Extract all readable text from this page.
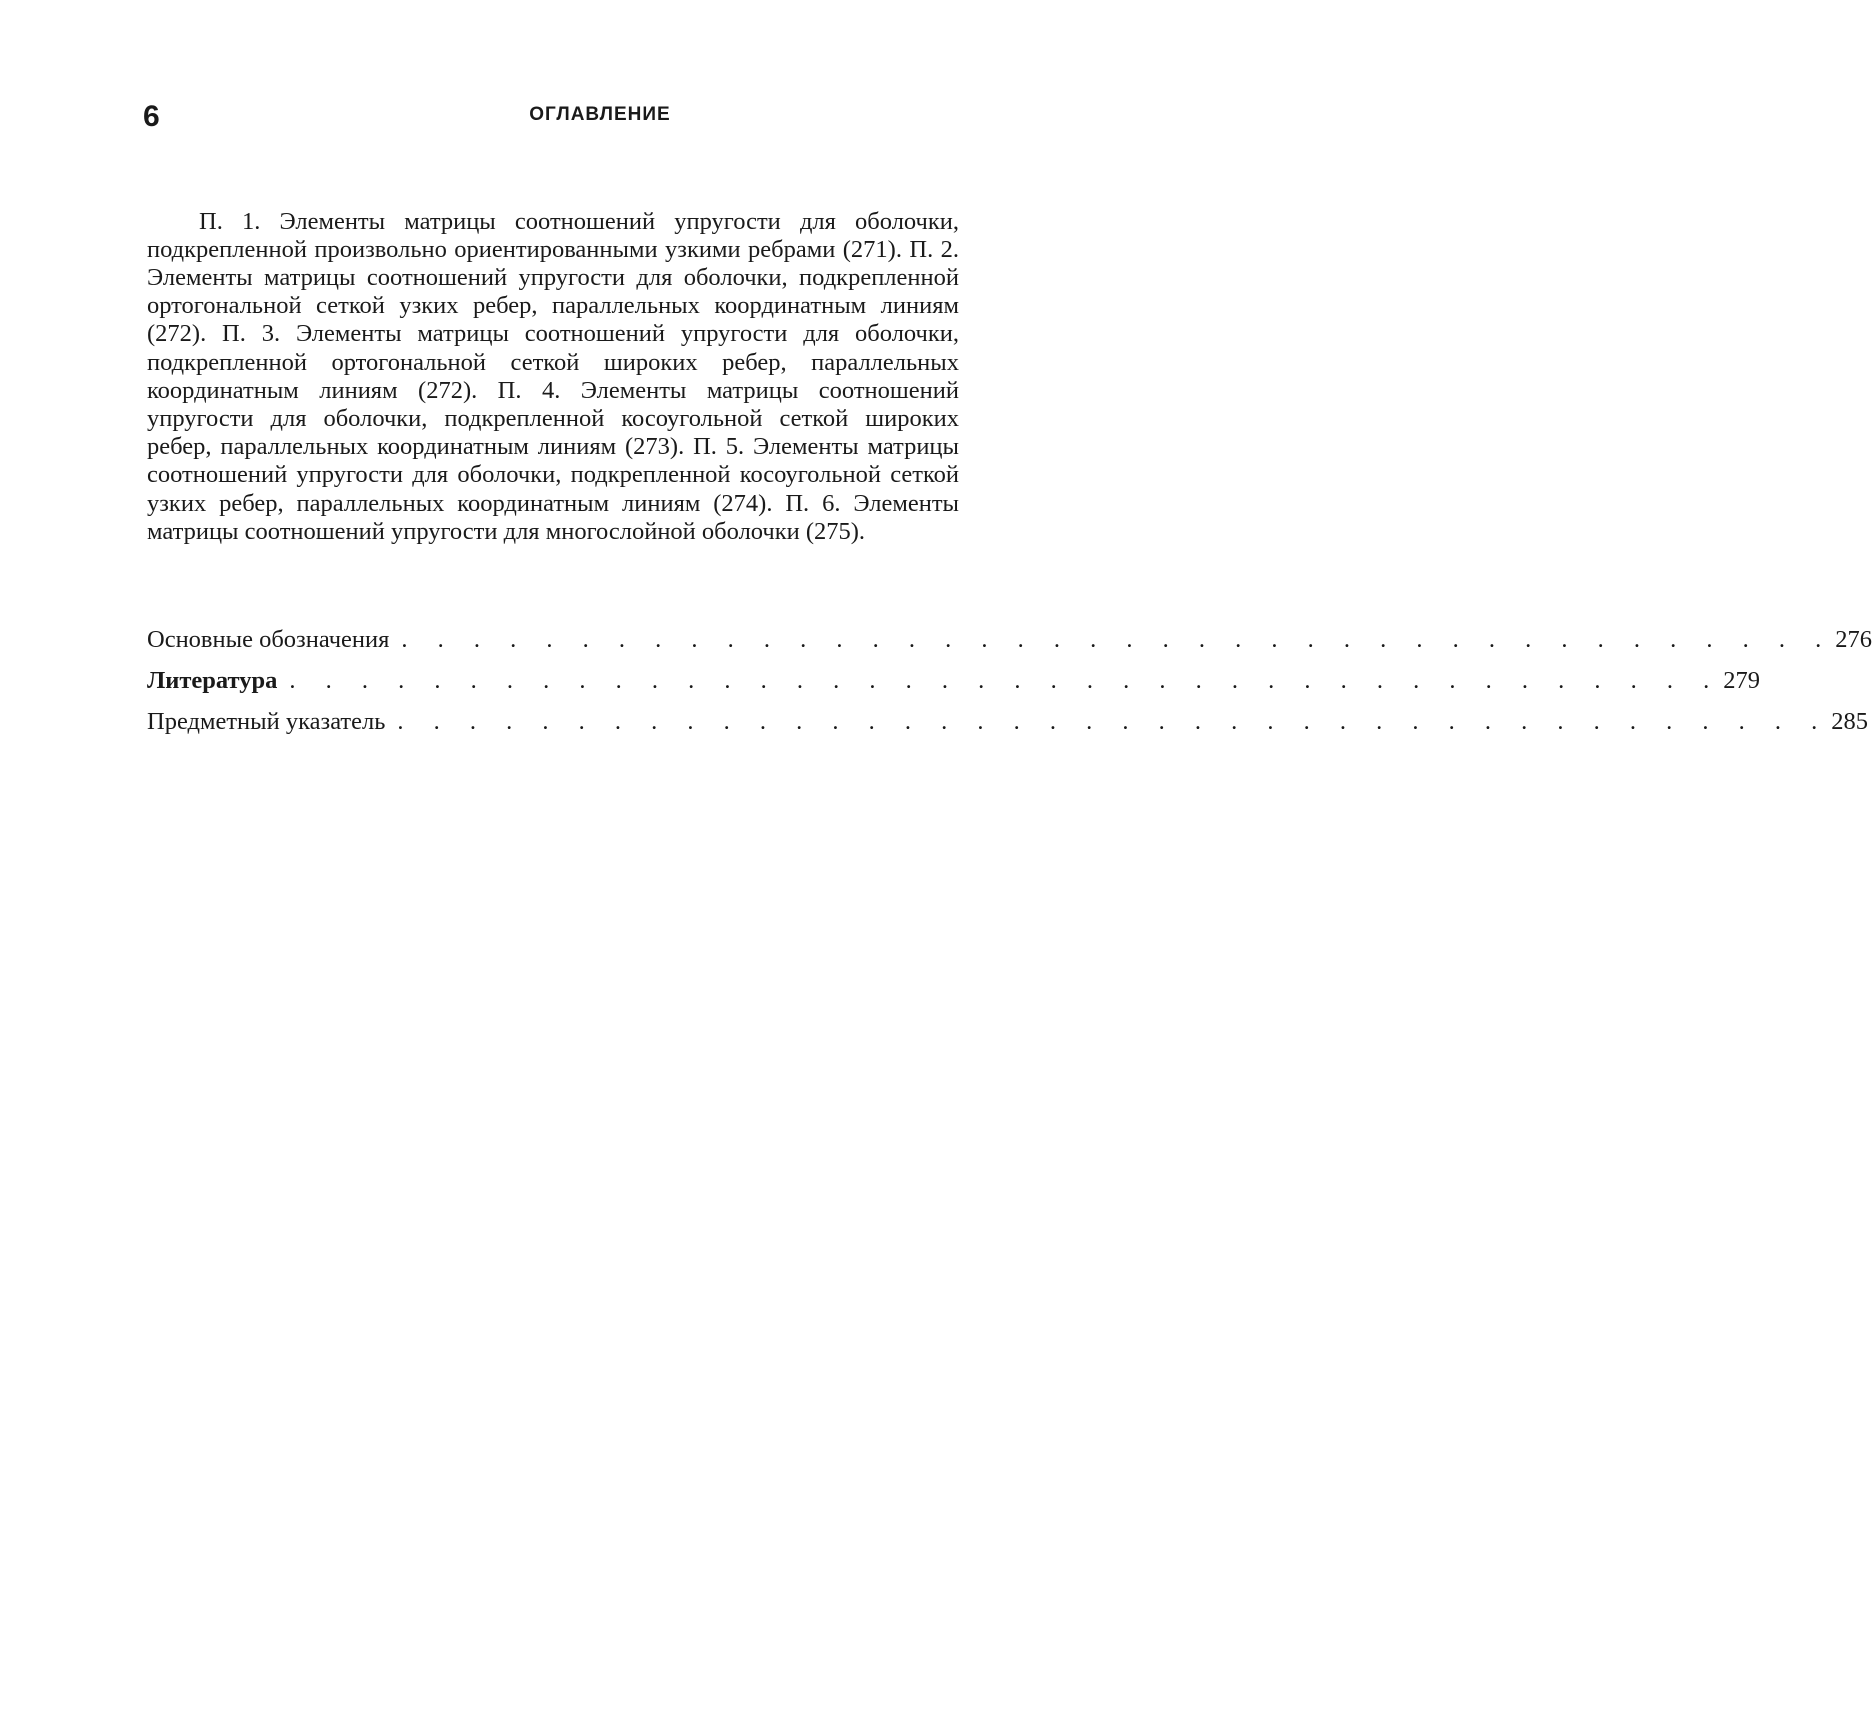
6	ОГЛАВЛЕНИЕ

П. 1. Элементы матрицы соотношений упругости для оболочки, подкрепленной произвольно ориентированными узкими ребрами (271). П. 2. Элементы матрицы соотношений упругости для оболочки, подкрепленной ортогональной сеткой узких ребер, параллельных координатным линиям (272). П. 3. Элементы матрицы соотношений упругости для оболочки, подкрепленной ортогональной сеткой широких ребер, параллельных координатным линиям (272). П. 4. Элементы матрицы соотношений упругости для оболочки, подкрепленной косоугольной сеткой широких ребер, параллельных координатным линиям (273). П. 5. Элементы матрицы соотношений упругости для оболочки, подкрепленной косоугольной сеткой узких ребер, параллельных координатным линиям (274). П. 6. Элементы матрицы соотношений упругости для многослойной оболочки (275).

Основные обозначения . . . . . . . . . . . . . . . . . . . . . . . . . . . . . . . . . . . . . . . . 276
Литература . . . . . . . . . . . . . . . . . . . . . . . . . . . . . . . . . . . . . . . . 279
Предметный указатель . . . . . . . . . . . . . . . . . . . . . . . . . . . . . . . . . . . . . . . . 285
